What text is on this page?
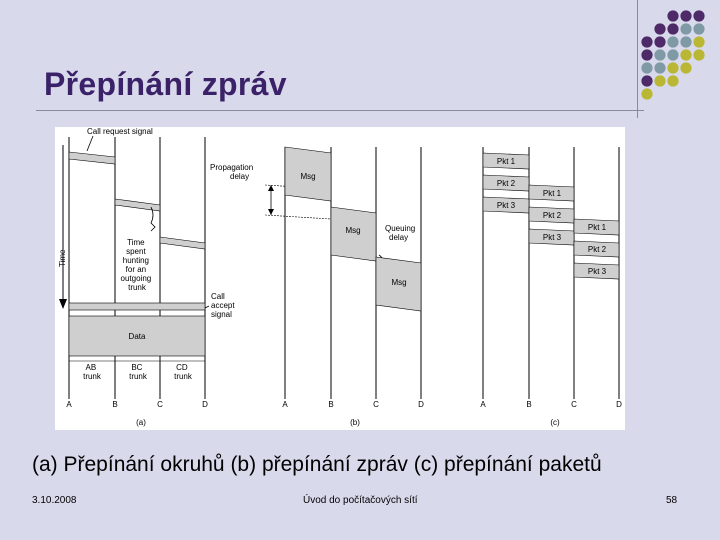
Přepínání zpráv
Time
Call request signal
Time spent hunting for an outgoing trunk
Call accept signal
Data
AB trunk
BC trunk
CD trunk
A	B	C	D
(a)
Propagation delay	Msg
Msg	Queuing delay
Msg
A	B	C	D
(b)
Pkt 1
Pkt 2
Pkt 3
Pkt 1
Pkt 2
Pkt 3
Pkt 1
Pkt 2
Pkt 3
A	B	C	D
(c)
(a) Přepínání okruhů (b) přepínání zpráv (c) přepínání paketů
3.10.2008	Úvod do počítačových sítí	58
